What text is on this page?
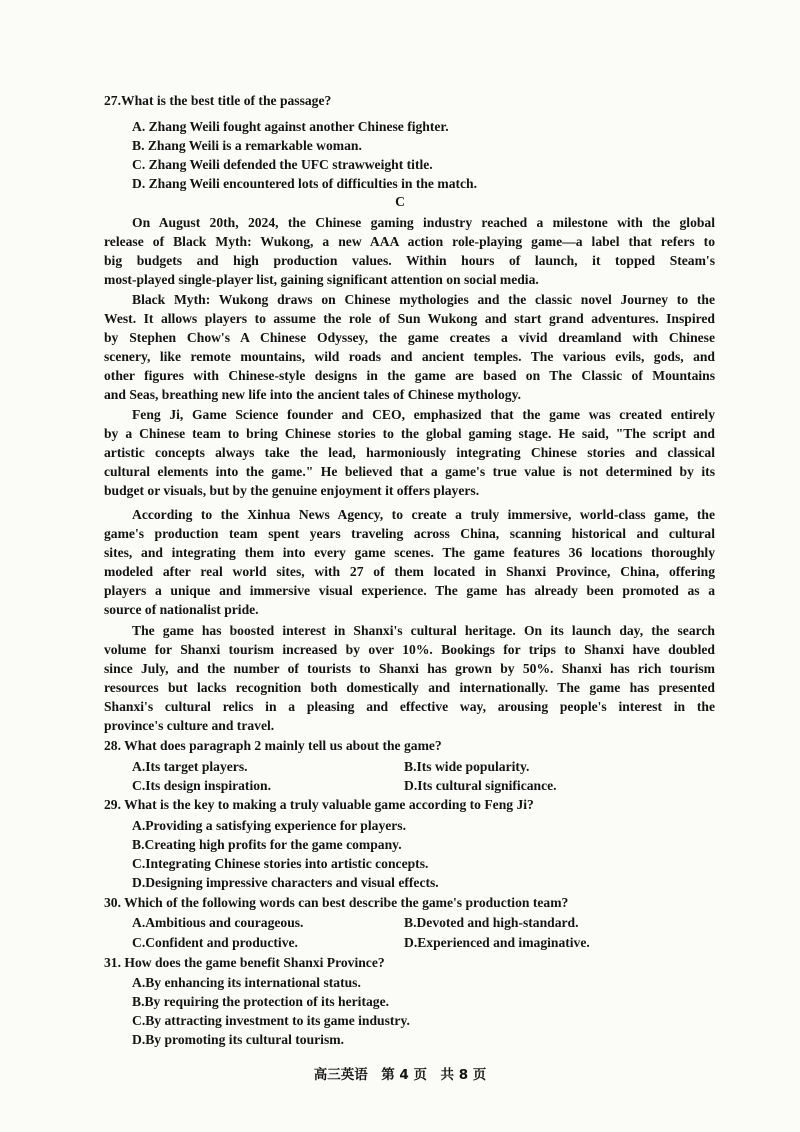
27.What is the best title of the passage?
A. Zhang Weili fought against another Chinese fighter.
B. Zhang Weili is a remarkable woman.
C. Zhang Weili defended the UFC strawweight title.
D. Zhang Weili encountered lots of difficulties in the match.
C
On August 20th, 2024, the Chinese gaming industry reached a milestone with the global
release of Black Myth: Wukong, a new AAA action role-playing game—a label that refers to
big budgets and high production values. Within hours of launch, it topped Steam's
most-played single-player list, gaining significant attention on social media.
Black Myth: Wukong draws on Chinese mythologies and the classic novel Journey to the
West. It allows players to assume the role of Sun Wukong and start grand adventures. Inspired
by Stephen Chow's A Chinese Odyssey, the game creates a vivid dreamland with Chinese
scenery, like remote mountains, wild roads and ancient temples. The various evils, gods, and
other figures with Chinese-style designs in the game are based on The Classic of Mountains
and Seas, breathing new life into the ancient tales of Chinese mythology.
Feng Ji, Game Science founder and CEO, emphasized that the game was created entirely
by a Chinese team to bring Chinese stories to the global gaming stage. He said, "The script and
artistic concepts always take the lead, harmoniously integrating Chinese stories and classical
cultural elements into the game." He believed that a game's true value is not determined by its
budget or visuals, but by the genuine enjoyment it offers players.
According to the Xinhua News Agency, to create a truly immersive, world-class game, the
game's production team spent years traveling across China, scanning historical and cultural
sites, and integrating them into every game scenes. The game features 36 locations thoroughly
modeled after real world sites, with 27 of them located in Shanxi Province, China, offering
players a unique and immersive visual experience. The game has already been promoted as a
source of nationalist pride.
The game has boosted interest in Shanxi's cultural heritage. On its launch day, the search
volume for Shanxi tourism increased by over 10%. Bookings for trips to Shanxi have doubled
since July, and the number of tourists to Shanxi has grown by 50%. Shanxi has rich tourism
resources but lacks recognition both domestically and internationally. The game has presented
Shanxi's cultural relics in a pleasing and effective way, arousing people's interest in the
province's culture and travel.
28. What does paragraph 2 mainly tell us about the game?
A.Its target players.	B.Its wide popularity.
C.Its design inspiration.	D.Its cultural significance.
29. What is the key to making a truly valuable game according to Feng Ji?
A.Providing a satisfying experience for players.
B.Creating high profits for the game company.
C.Integrating Chinese stories into artistic concepts.
D.Designing impressive characters and visual effects.
30. Which of the following words can best describe the game's production team?
A.Ambitious and courageous.	B.Devoted and high-standard.
C.Confident and productive.	D.Experienced and imaginative.
31. How does the game benefit Shanxi Province?
A.By enhancing its international status.
B.By requiring the protection of its heritage.
C.By attracting investment to its game industry.
D.By promoting its cultural tourism.
高三英语　第 4 页　共 8 页
